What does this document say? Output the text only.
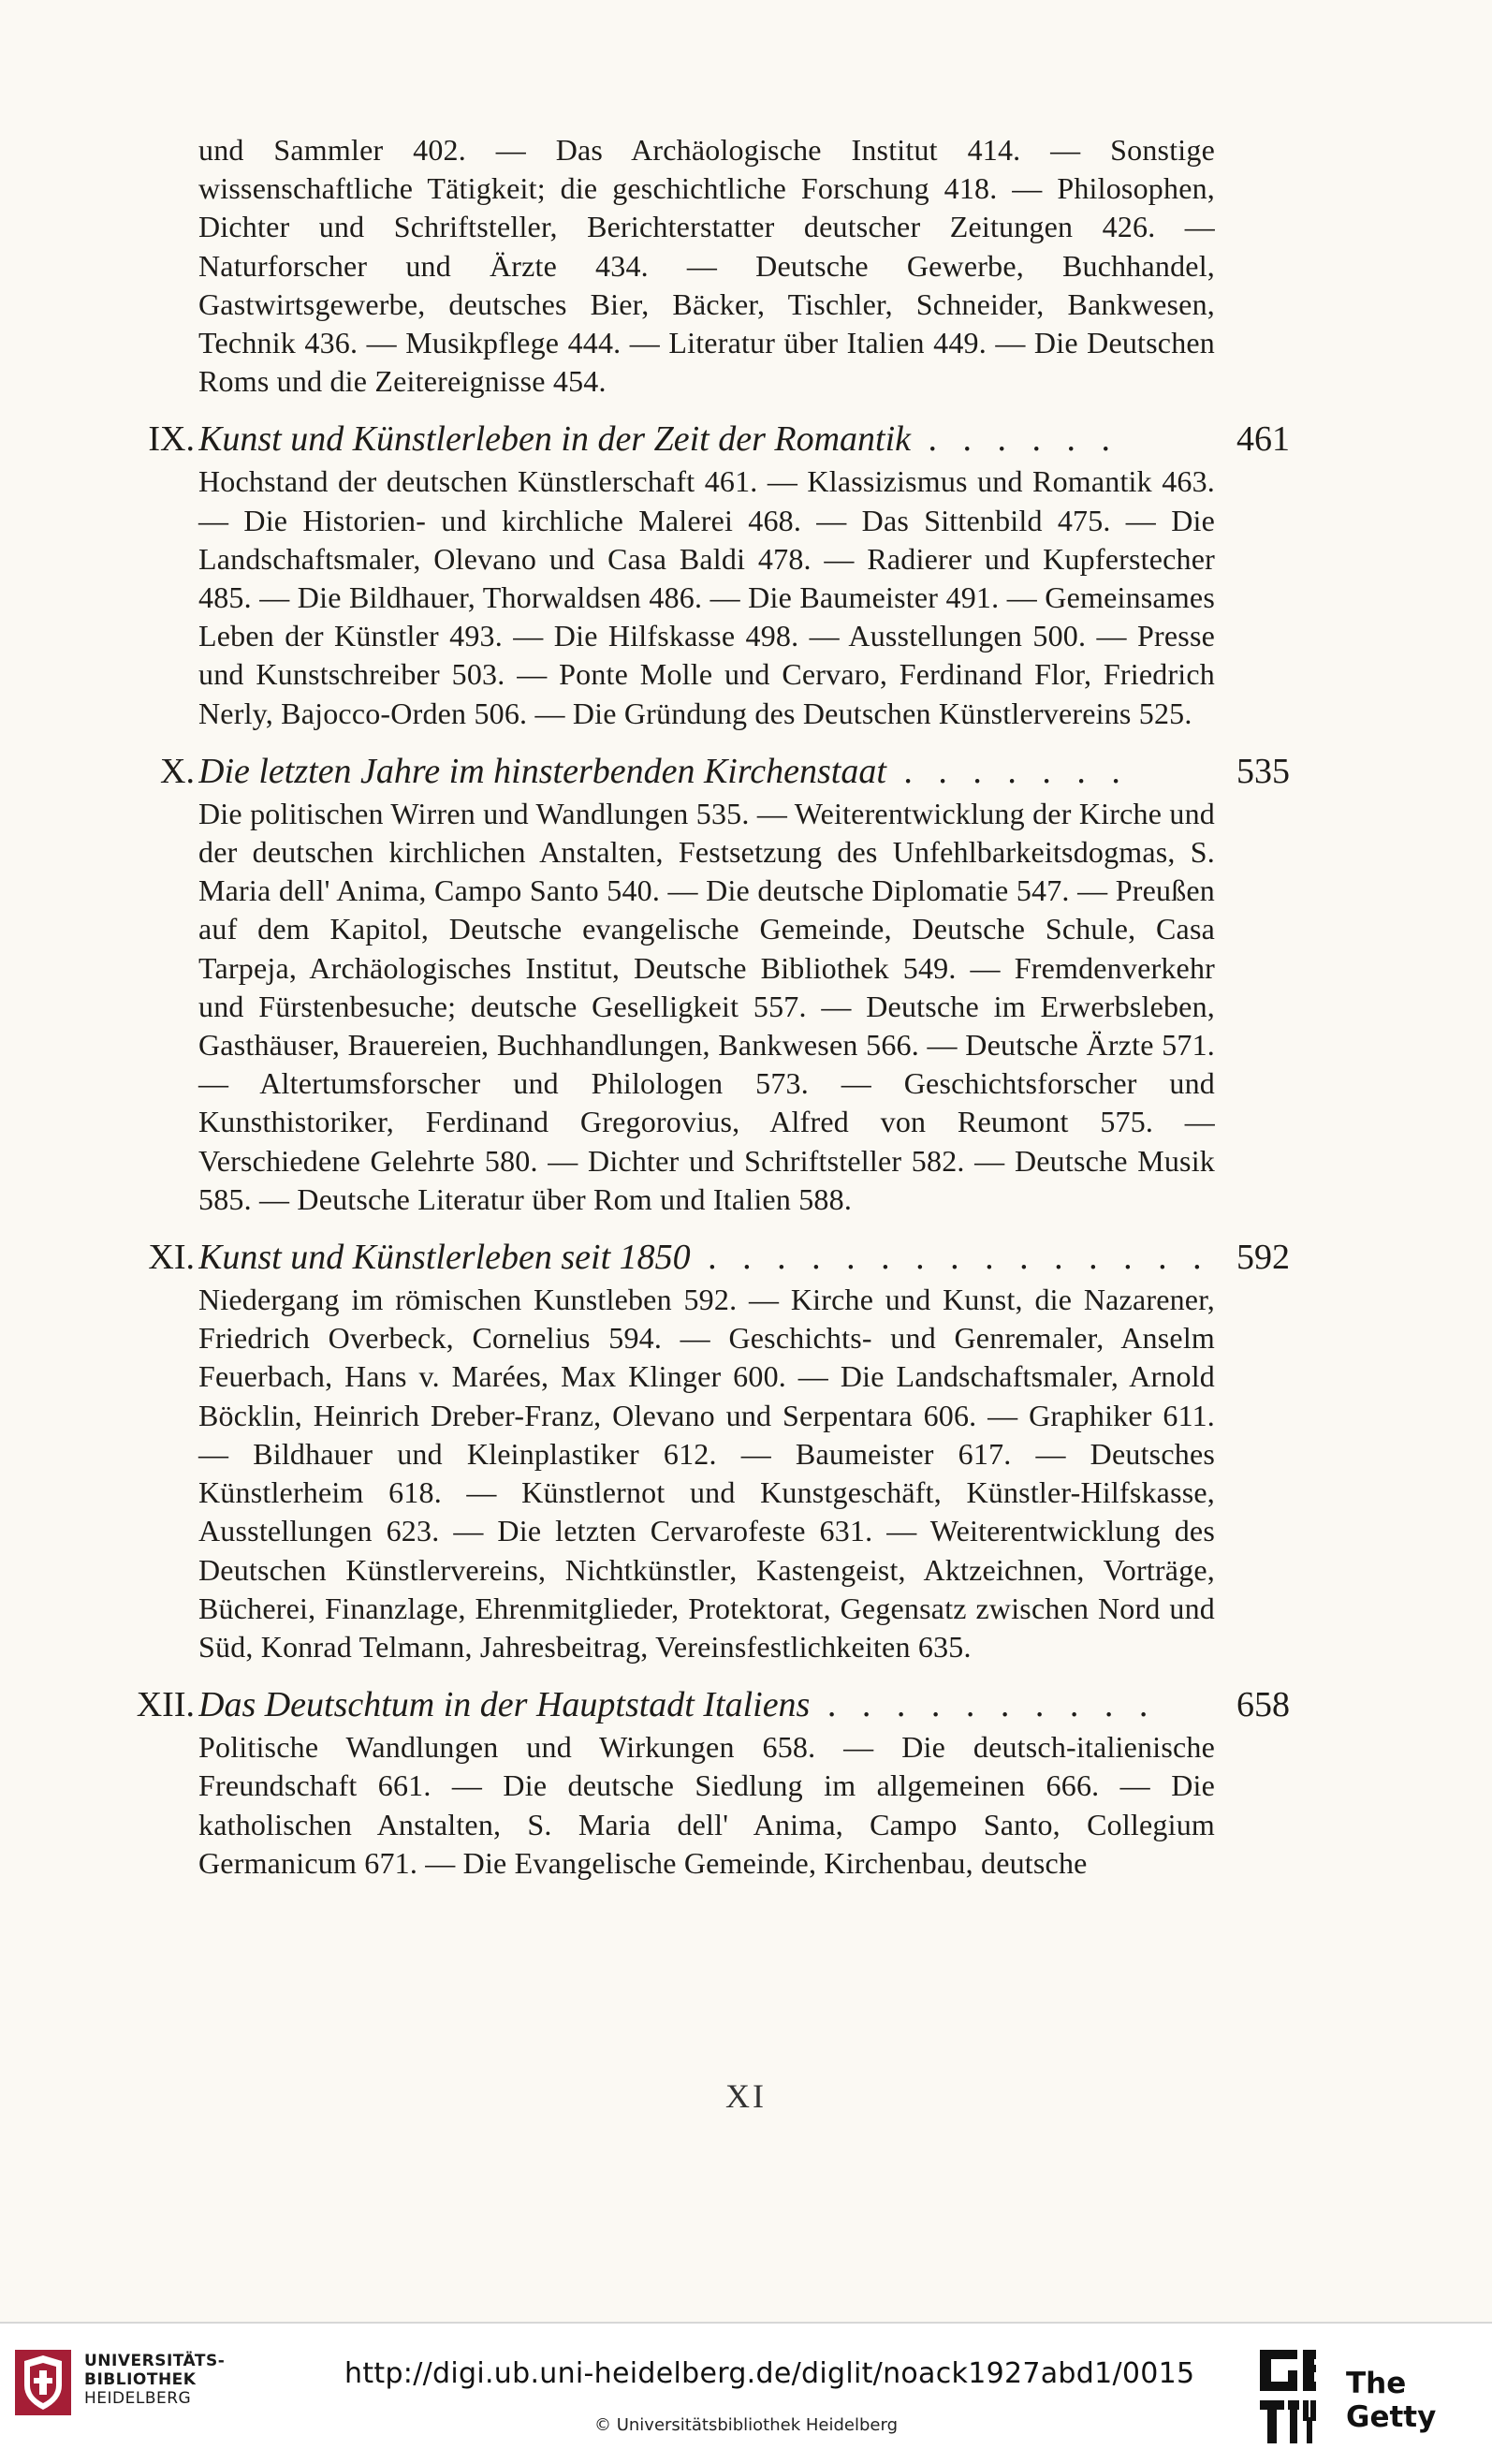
und Sammler 402. — Das Archäologische Institut 414. — Sonstige wissenschaftliche Tätigkeit; die geschichtliche Forschung 418. — Philosophen, Dichter und Schriftsteller, Berichterstatter deutscher Zeitungen 426. — Naturforscher und Ärzte 434. — Deutsche Gewerbe, Buchhandel, Gastwirtsgewerbe, deutsches Bier, Bäcker, Tischler, Schneider, Bankwesen, Technik 436. — Musikpflege 444. — Literatur über Italien 449. — Die Deutschen Roms und die Zeitereignisse 454.
IX. Kunst und Künstlerleben in der Zeit der Romantik . . . . . .	461
Hochstand der deutschen Künstlerschaft 461. — Klassizismus und Romantik 463. — Die Historien- und kirchliche Malerei 468. — Das Sittenbild 475. — Die Landschaftsmaler, Olevano und Casa Baldi 478. — Radierer und Kupferstecher 485. — Die Bildhauer, Thorwaldsen 486. — Die Baumeister 491. — Gemeinsames Leben der Künstler 493. — Die Hilfskasse 498. — Ausstellungen 500. — Presse und Kunstschreiber 503. — Ponte Molle und Cervaro, Ferdinand Flor, Friedrich Nerly, Bajocco-Orden 506. — Die Gründung des Deutschen Künstlervereins 525.
X. Die letzten Jahre im hinsterbenden Kirchenstaat . . . . . . .	535
Die politischen Wirren und Wandlungen 535. — Weiterentwicklung der Kirche und der deutschen kirchlichen Anstalten, Festsetzung des Unfehlbarkeitsdogmas, S. Maria dell' Anima, Campo Santo 540. — Die deutsche Diplomatie 547. — Preußen auf dem Kapitol, Deutsche evangelische Gemeinde, Deutsche Schule, Casa Tarpeja, Archäologisches Institut, Deutsche Bibliothek 549. — Fremdenverkehr und Fürstenbesuche; deutsche Geselligkeit 557. — Deutsche im Erwerbsleben, Gasthäuser, Brauereien, Buchhandlungen, Bankwesen 566. — Deutsche Ärzte 571. — Altertumsforscher und Philologen 573. — Geschichtsforscher und Kunsthistoriker, Ferdinand Gregorovius, Alfred von Reumont 575. — Verschiedene Gelehrte 580. — Dichter und Schriftsteller 582. — Deutsche Musik 585. — Deutsche Literatur über Rom und Italien 588.
XI. Kunst und Künstlerleben seit 1850 . . . . . . . . . . . . . . . 592
Niedergang im römischen Kunstleben 592. — Kirche und Kunst, die Nazarener, Friedrich Overbeck, Cornelius 594. — Geschichts- und Genremaler, Anselm Feuerbach, Hans v. Marées, Max Klinger 600. — Die Landschaftsmaler, Arnold Böcklin, Heinrich Dreber-Franz, Olevano und Serpentara 606. — Graphiker 611. — Bildhauer und Kleinplastiker 612. — Baumeister 617. — Deutsches Künstlerheim 618. — Künstlernot und Kunstgeschäft, Künstler-Hilfskasse, Ausstellungen 623. — Die letzten Cervarofeste 631. — Weiterentwicklung des Deutschen Künstlervereins, Nichtkünstler, Kastengeist, Aktzeichnen, Vorträge, Bücherei, Finanzlage, Ehrenmitglieder, Protektorat, Gegensatz zwischen Nord und Süd, Konrad Telmann, Jahresbeitrag, Vereinsfestlichkeiten 635.
XII. Das Deutschtum in der Hauptstadt Italiens . . . . . . . . . .	658
Politische Wandlungen und Wirkungen 658. — Die deutsch-italienische Freundschaft 661. — Die deutsche Siedlung im allgemeinen 666. — Die katholischen Anstalten, S. Maria dell' Anima, Campo Santo, Collegium Germanicum 671. — Die Evangelische Gemeinde, Kirchenbau, deutsche
XI
UNIVERSITÄTS-
BIBLIOTHEK
HEIDELBERG
http://digi.ub.uni-heidelberg.de/diglit/noack1927abd1/0015
© Universitätsbibliothek Heidelberg
The Getty
